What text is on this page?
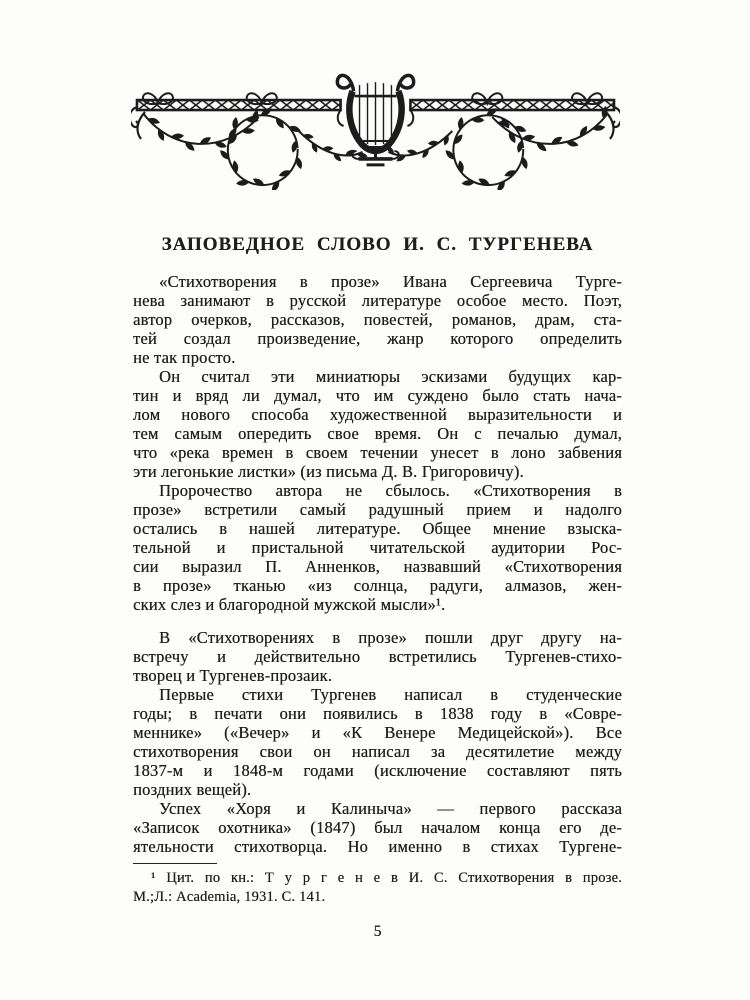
ЗАПОВЕДНОЕ СЛОВО И. С. ТУРГЕНЕВА
«Стихотворения в прозе» Ивана Сергеевича Турге-
нева занимают в русской литературе особое место. Поэт,
автор очерков, рассказов, повестей, романов, драм, ста-
тей создал произведение, жанр которого определить
не так просто.
Он считал эти миниатюры эскизами будущих кар-
тин и вряд ли думал, что им суждено было стать нача-
лом нового способа художественной выразительности и
тем самым опередить свое время. Он с печалью думал,
что «река времен в своем течении унесет в лоно забвения
эти легонькие листки» (из письма Д. В. Григоровичу).
Пророчество автора не сбылось. «Стихотворения в
прозе» встретили самый радушный прием и надолго
остались в нашей литературе. Общее мнение взыска-
тельной и пристальной читательской аудитории Рос-
сии выразил П. Анненков, назвавший «Стихотворения
в прозе» тканью «из солнца, радуги, алмазов, жен-
ских слез и благородной мужской мысли»¹.
В «Стихотворениях в прозе» пошли друг другу на-
встречу и действительно встретились Тургенев-стихо-
творец и Тургенев-прозаик.
Первые стихи Тургенев написал в студенческие
годы; в печати они появились в 1838 году в «Совре-
меннике» («Вечер» и «К Венере Медицейской»). Все
стихотворения свои он написал за десятилетие между
1837-м и 1848-м годами (исключение составляют пять
поздних вещей).
Успех «Хоря и Калиныча» — первого рассказа
«Записок охотника» (1847) был началом конца его де-
ятельности стихотворца. Но именно в стихах Тургене-
¹ Цит. по кн.: Т у р г е н е в И. С. Стихотворения в прозе.
М.;Л.: Academia, 1931. С. 141.
5
